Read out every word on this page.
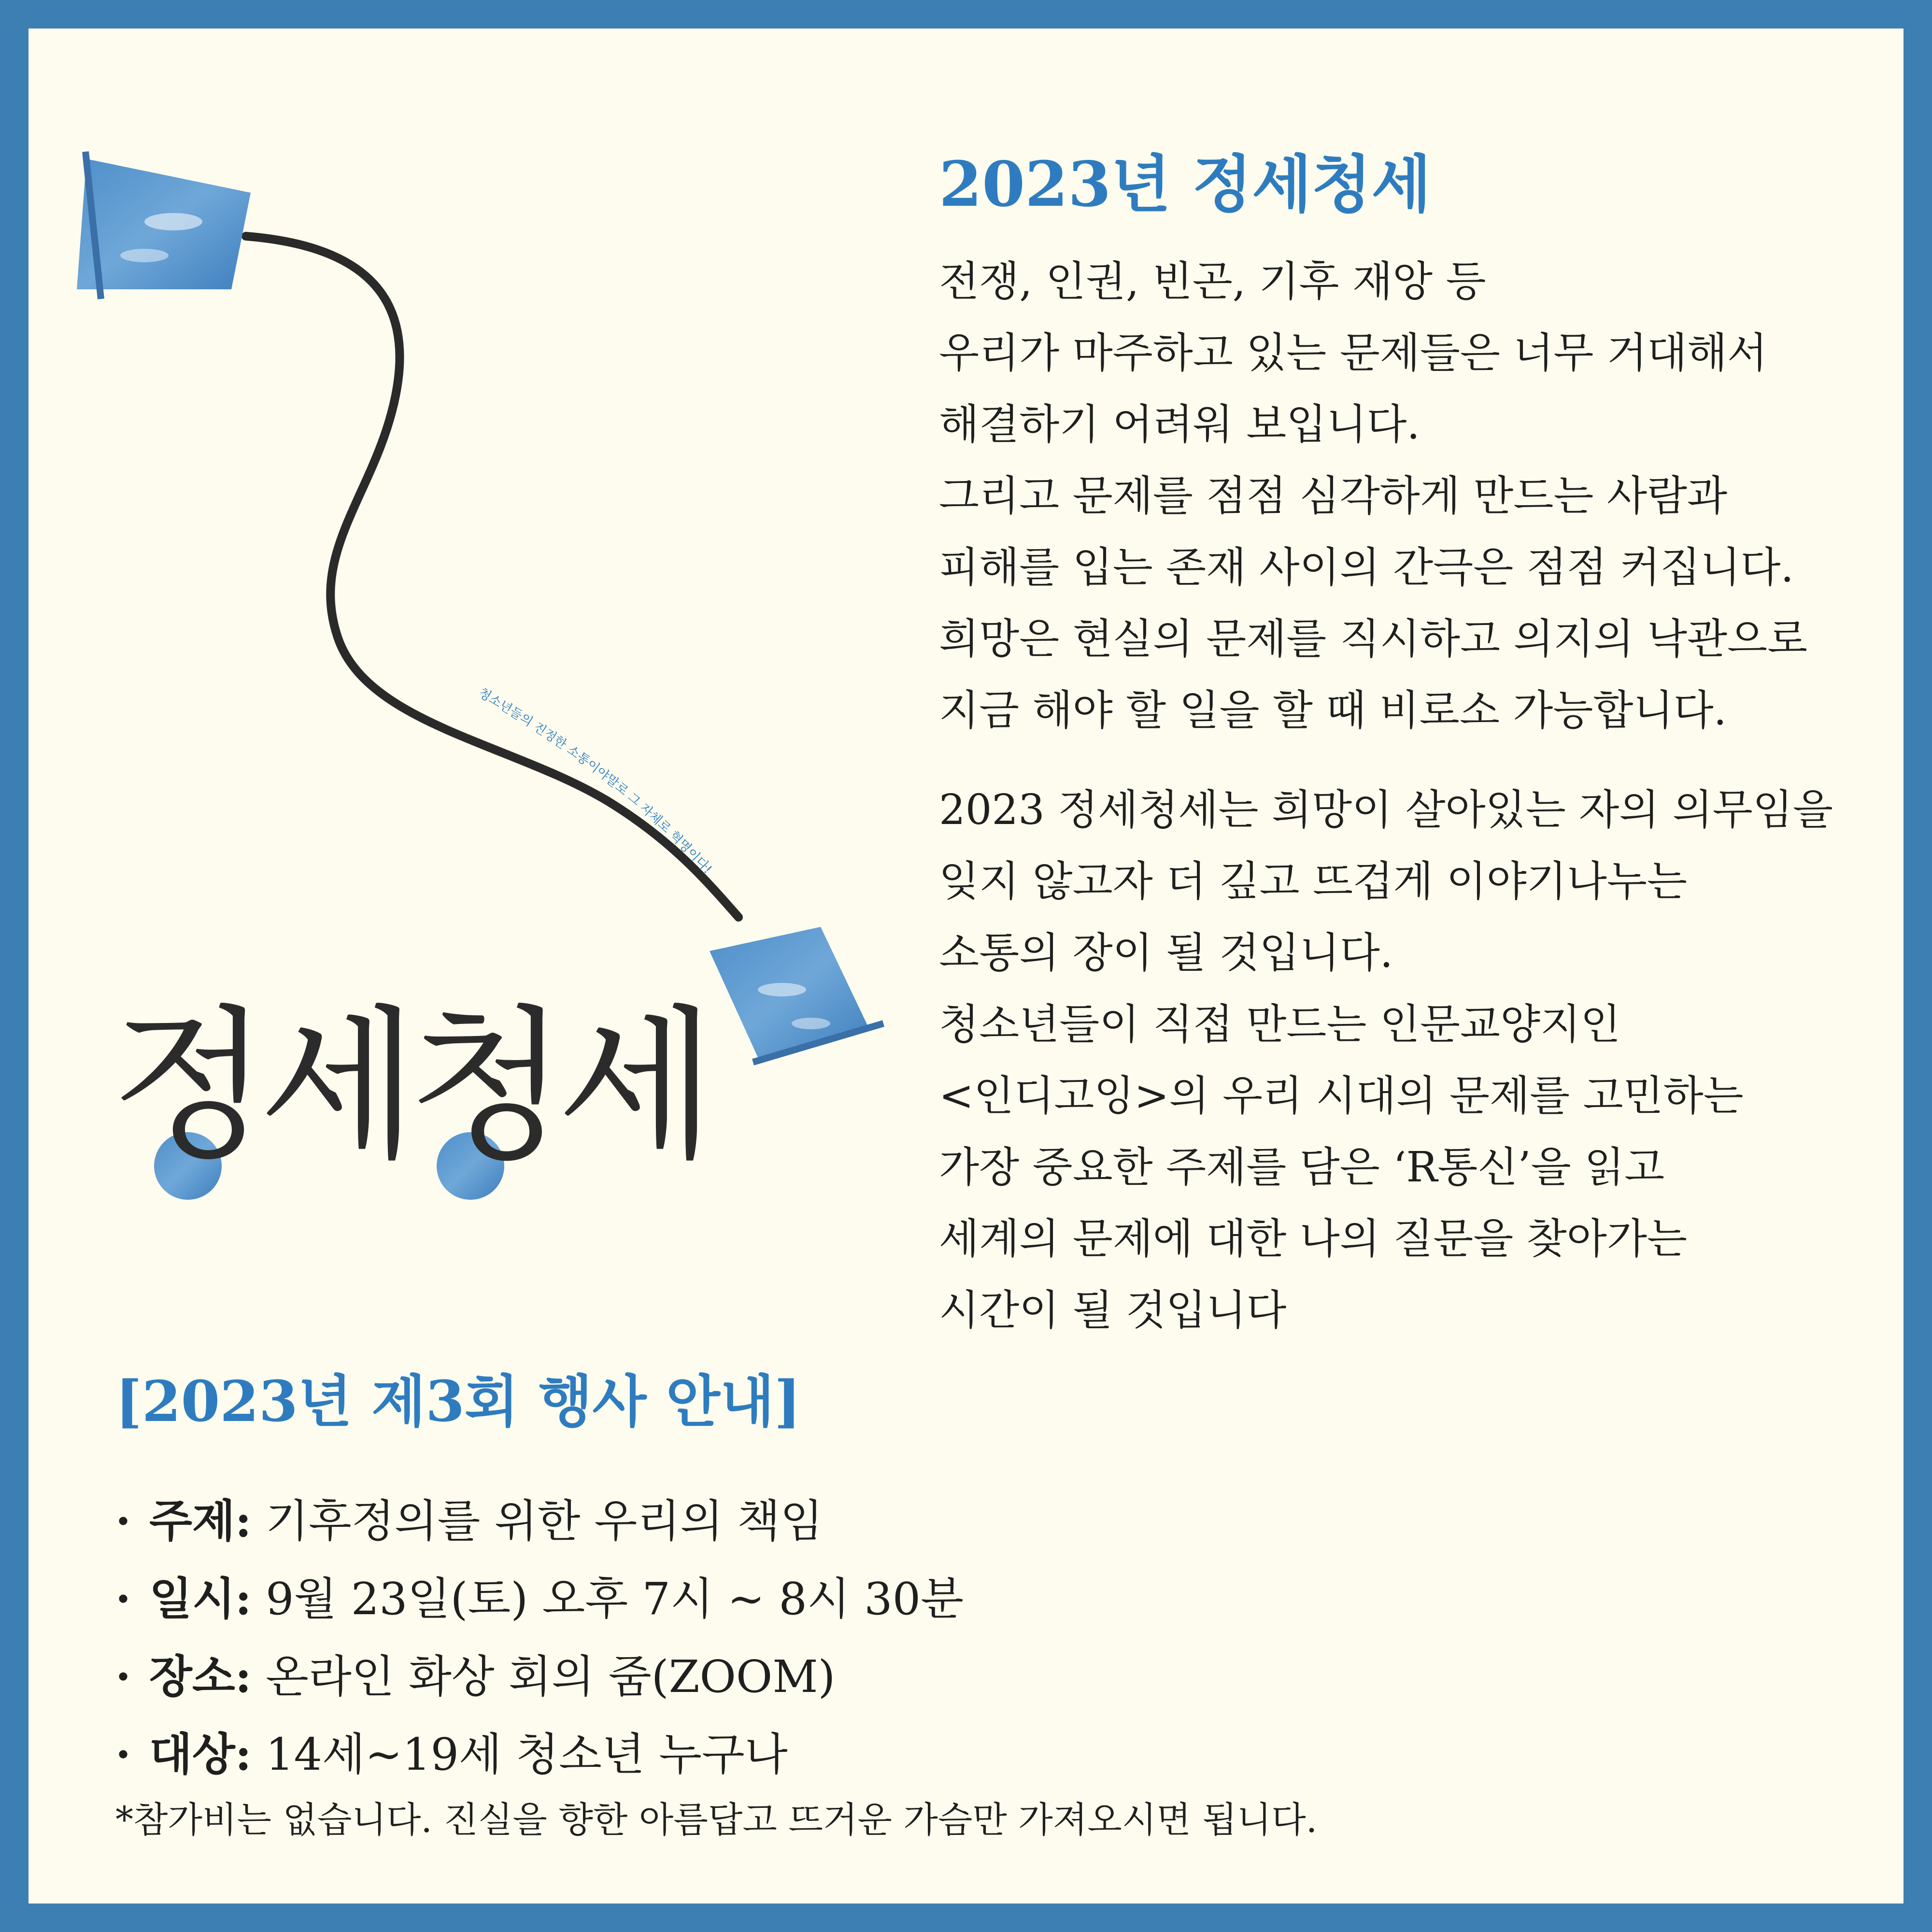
청소년들의 진정한 소통이야말로 그 자체로 혁명이다!
정세청세
2023년 정세청세

전쟁, 인권, 빈곤, 기후 재앙 등

우리가 마주하고 있는 문제들은 너무 거대해서

해결하기 어려워 보입니다.

그리고 문제를 점점 심각하게 만드는 사람과

피해를 입는 존재 사이의 간극은 점점 커집니다.

희망은 현실의 문제를 직시하고 의지의 낙관으로

지금 해야 할 일을 할 때 비로소 가능합니다.

2023 정세청세는 희망이 살아있는 자의 의무임을

잊지 않고자 더 깊고 뜨겁게 이야기나누는

소통의 장이 될 것입니다.

청소년들이 직접 만드는 인문교양지인

<인디고잉>의 우리 시대의 문제를 고민하는

가장 중요한 주제를 담은 ‘R통신’을 읽고

세계의 문제에 대한 나의 질문을 찾아가는

시간이 될 것입니다

[2023년 제3회 행사 안내]
· 주제: 기후정의를 위한 우리의 책임
· 일시: 9월 23일(토) 오후 7시 ~ 8시 30분
· 장소: 온라인 화상 회의 줌(ZOOM)
· 대상: 14세~19세 청소년 누구나
*참가비는 없습니다. 진실을 향한 아름답고 뜨거운 가슴만 가져오시면 됩니다.
